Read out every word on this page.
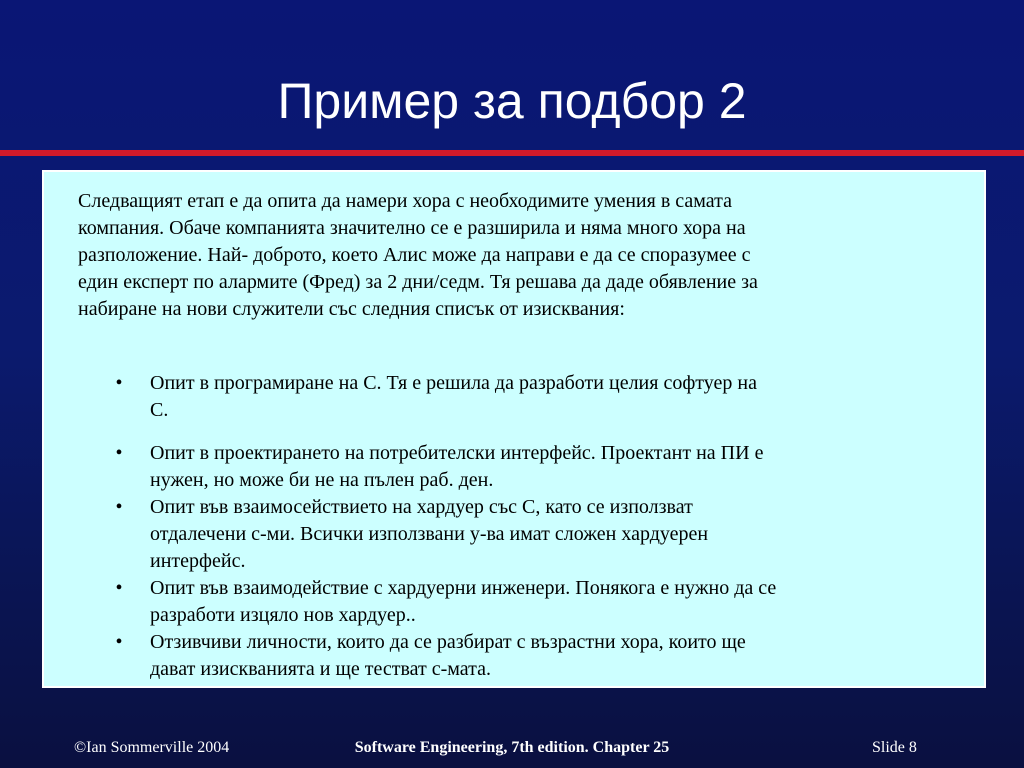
Пример за подбор 2

Следващият етап е да опита да намери хора с необходимите умения в самата компания. Обаче компанията значително се е разширила и няма много хора на разположение. Най- доброто, което Алис може да направи е да се споразумее с един експерт по алармите (Фред) за 2 дни/седм. Тя решава да даде обявление за набиране на нови служители със следния списък от изисквания:

• Опит в програмиране на C. Тя е решила да разработи целия софтуер на C.
• Опит в проектирането на потребителски интерфейс. Проектант на ПИ е нужен, но може би не на пълен раб. ден.
• Опит във взаимосействието на хардуер със С, като се използват отдалечени с-ми. Всички използвани у-ва имат сложен хардуерен интерфейс.
• Опит във взаимодействие с хардуерни инженери. Понякога е нужно да се разработи изцяло нов хардуер..
• Отзивчиви личности, които да се разбират с възрастни хора, които ще дават изискванията и ще тестват с-мата.
Software Engineering, 7th edition. Chapter 25
©Ian Sommerville 2004	Slide 8
